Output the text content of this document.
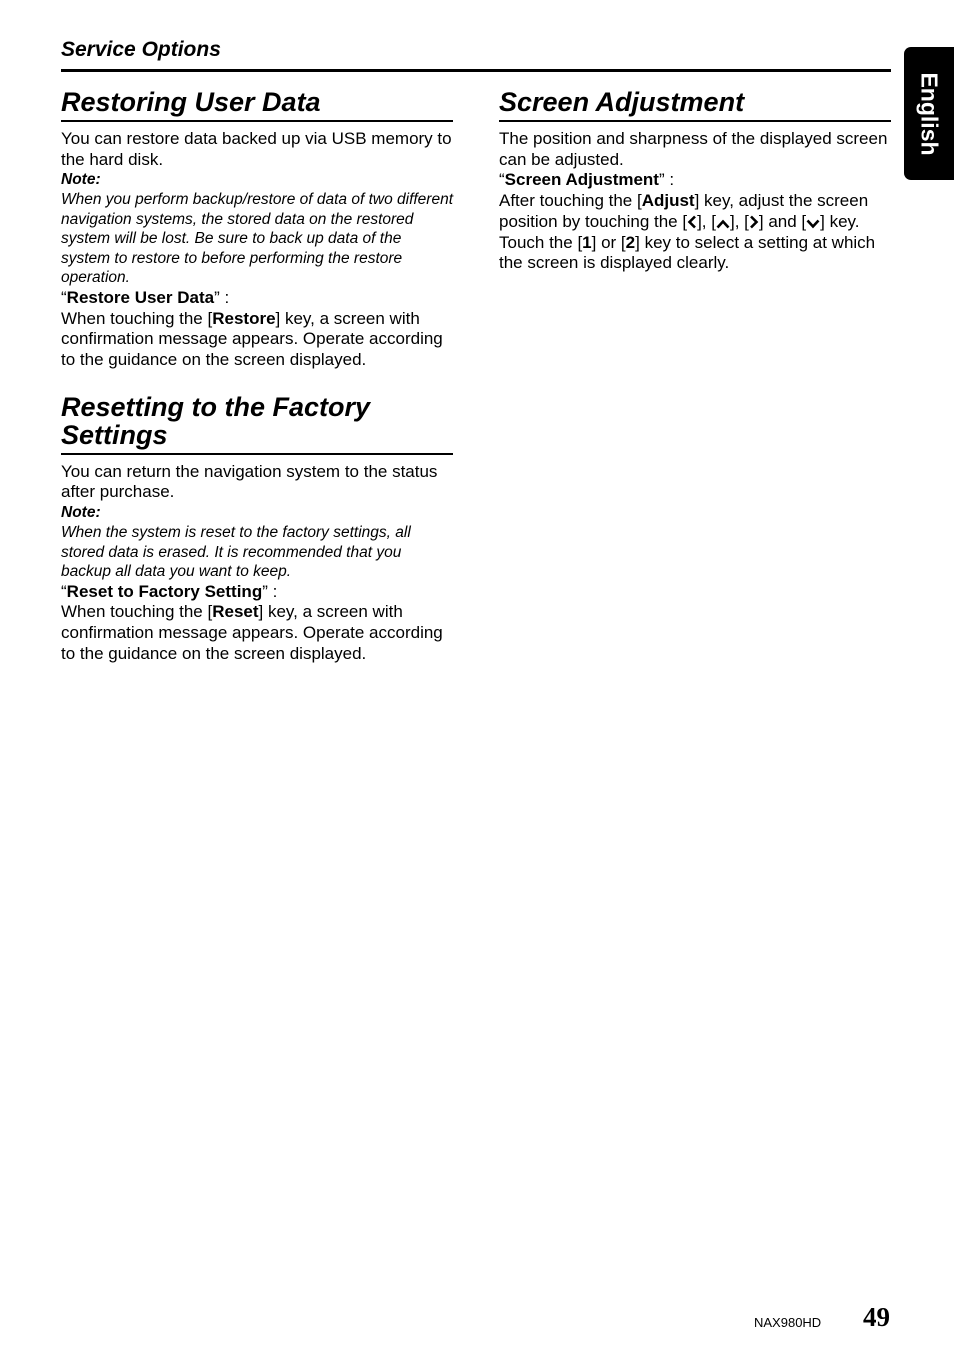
Service Options
English
Restoring User Data

You can restore data backed up via USB memory to the hard disk.

Note:

When you perform backup/restore of data of two different navigation systems, the stored data on the restored system will be lost. Be sure to back up data of the system to restore to before performing the restore operation.

“Restore User Data” :

When touching the [Restore] key, a screen with confirmation message appears. Operate according to the guidance on the screen displayed.

Resetting to the Factory Settings

You can return the navigation system to the status after purchase.

Note:

When the system is reset to the factory settings, all stored data is erased. It is recommended that you backup all data you want to keep.

“Reset to Factory Setting” :

When touching the [Reset] key, a screen with confirmation message appears. Operate according to the guidance on the screen displayed.

Screen Adjustment

The position and sharpness of the displayed screen can be adjusted.

“Screen Adjustment” :

After touching the [Adjust] key, adjust the screen position by touching the [ ], [ ], [ ] and [ ] key.

Touch the [1] or [2] key to select a setting at which the screen is displayed clearly.

NAX980HD 49
